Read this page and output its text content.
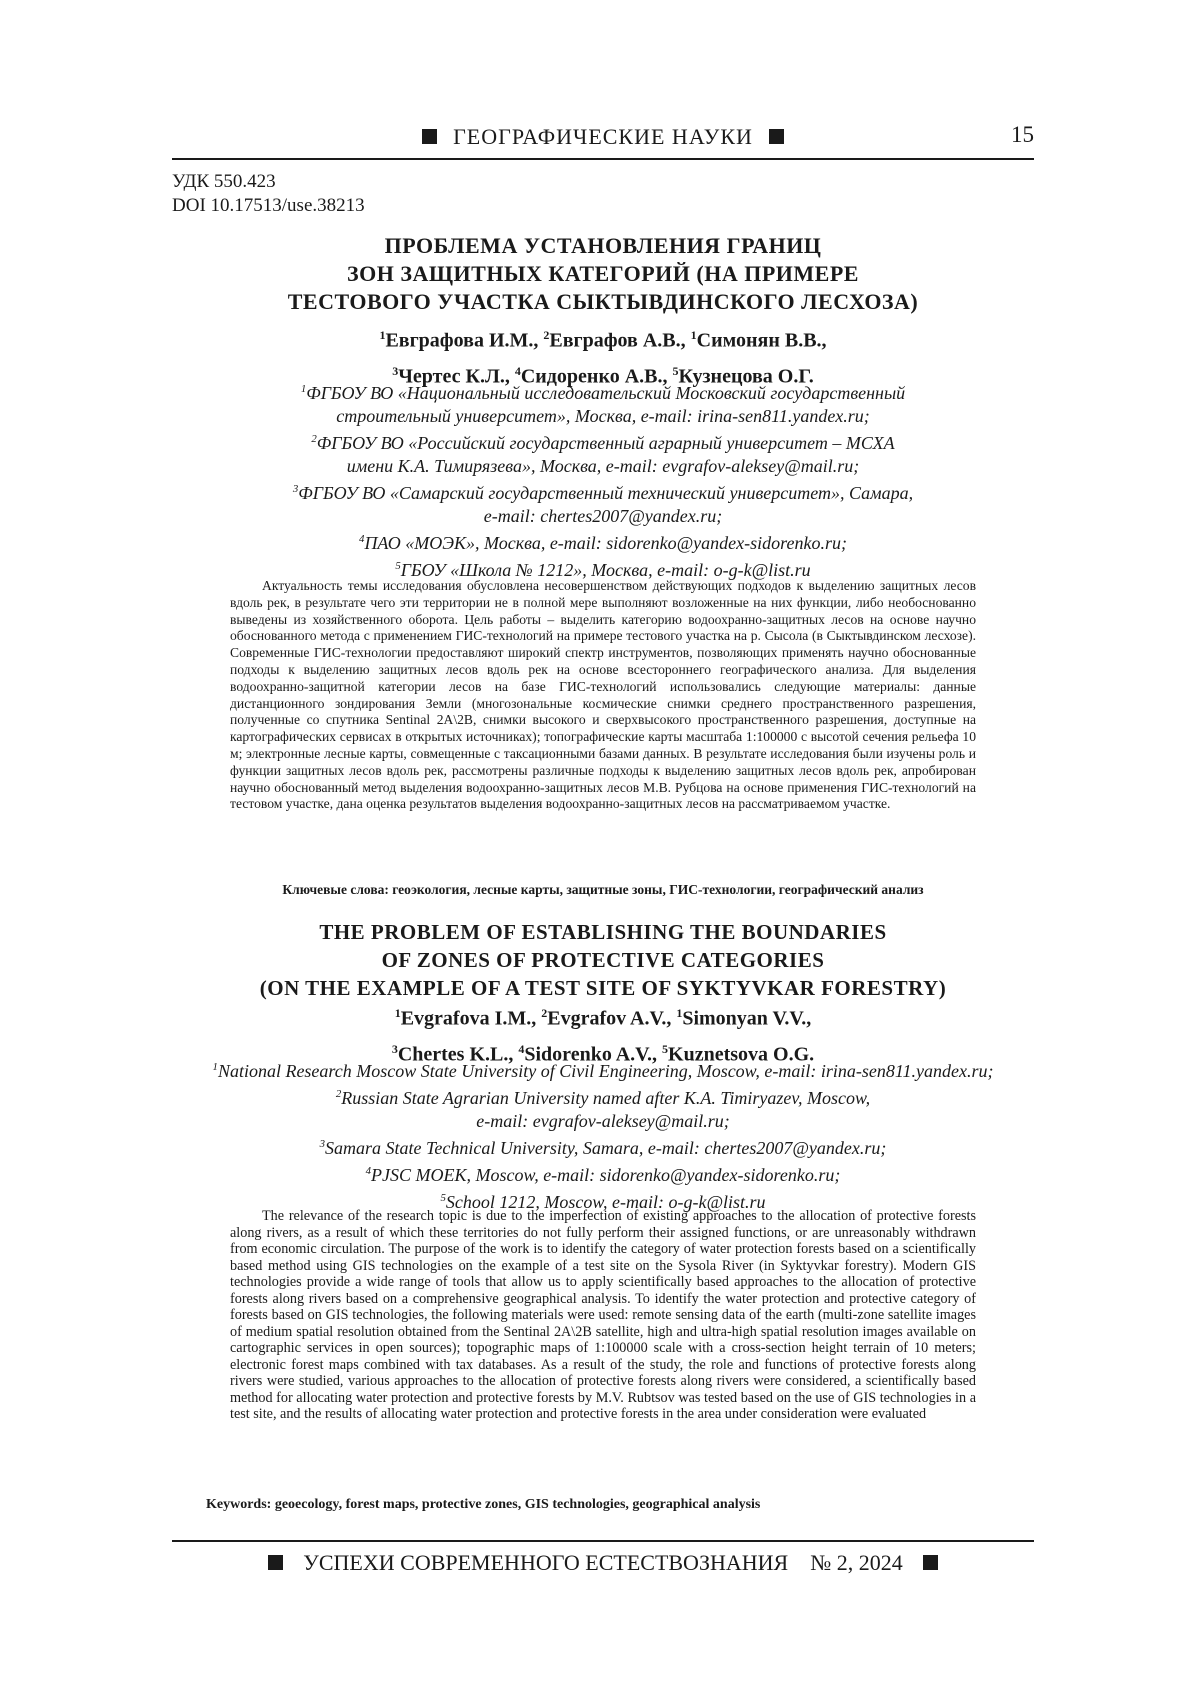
ГЕОГРАФИЧЕСКИЕ НАУКИ	15
УДК 550.423
DOI 10.17513/use.38213
ПРОБЛЕМА УСТАНОВЛЕНИЯ ГРАНИЦ
ЗОН ЗАЩИТНЫХ КАТЕГОРИЙ (НА ПРИМЕРЕ
ТЕСТОВОГО УЧАСТКА СЫКТЫВДИНСКОГО ЛЕСХОЗА)
$^1$Евграфова И.М., $^2$Евграфов А.В., $^1$Симонян В.В.,
$^3$Чертес К.Л., $^4$Сидоренко А.В., $^5$Кузнецова О.Г.
$^1$ФГБОУ ВО «Национальный исследовательский Московский государственный
строительный университет», Москва, e-mail: irina-sen811.yandex.ru;
$^2$ФГБОУ ВО «Российский государственный аграрный университет – МСХА
имени К.А. Тимирязева», Москва, e-mail: evgrafov-aleksey@mail.ru;
$^3$ФГБОУ ВО «Самарский государственный технический университет», Самара,
e-mail: chertes2007@yandex.ru;
$^4$ПАО «МОЭК», Москва, e-mail: sidorenko@yandex-sidorenko.ru;
$^5$ГБОУ «Школа № 1212», Москва, e-mail: o-g-k@list.ru
Актуальность темы исследования обусловлена несовершенством действующих подходов к выделению защитных лесов вдоль рек, в результате чего эти территории не в полной мере выполняют возложенные на них функции, либо необоснованно выведены из хозяйственного оборота. Цель работы – выделить категорию водоохранно-защитных лесов на основе научно обоснованного метода с применением ГИС-технологий на примере тестового участка на р. Сысола (в Сыктывдинском лесхозе). Современные ГИС-технологии предоставляют широкий спектр инструментов, позволяющих применять научно обоснованные подходы к выделению защитных лесов вдоль рек на основе всестороннего географического анализа. Для выделения водоохранно-защитной категории лесов на базе ГИС-технологий использовались следующие материалы: данные дистанционного зондирования Земли (многозональные космические снимки среднего пространственного разрешения, полученные со спутника Sentinal 2A\2B, снимки высокого и сверхвысокого пространственного разрешения, доступные на картографических сервисах в открытых источниках); топографические карты масштаба 1:100000 с высотой сечения рельефа 10 м; электронные лесные карты, совмещенные с таксационными базами данных. В результате исследования были изучены роль и функции защитных лесов вдоль рек, рассмотрены различные подходы к выделению защитных лесов вдоль рек, апробирован научно обоснованный метод выделения водоохранно-защитных лесов М.В. Рубцова на основе применения ГИС-технологий на тестовом участке, дана оценка результатов выделения водоохранно-защитных лесов на рассматриваемом участке.
Ключевые слова: геоэкология, лесные карты, защитные зоны, ГИС-технологии, географический анализ
THE PROBLEM OF ESTABLISHING THE BOUNDARIES
OF ZONES OF PROTECTIVE CATEGORIES
(ON THE EXAMPLE OF A TEST SITE OF SYKTYVKAR FORESTRY)
$^1$Evgrafova I.M., $^2$Evgrafov A.V., $^1$Simonyan V.V.,
$^3$Chertes K.L., $^4$Sidorenko A.V., $^5$Kuznetsova O.G.
$^1$National Research Moscow State University of Civil Engineering, Moscow, e-mail: irina-sen811.yandex.ru;
$^2$Russian State Agrarian University named after K.A. Timiryazev, Moscow,
e-mail: evgrafov-aleksey@mail.ru;
$^3$Samara State Technical University, Samara, e-mail: chertes2007@yandex.ru;
$^4$PJSC MOEK, Moscow, e-mail: sidorenko@yandex-sidorenko.ru;
$^5$School 1212, Moscow, e-mail: o-g-k@list.ru
The relevance of the research topic is due to the imperfection of existing approaches to the allocation of protective forests along rivers, as a result of which these territories do not fully perform their assigned functions, or are unreasonably withdrawn from economic circulation. The purpose of the work is to identify the category of water protection forests based on a scientifically based method using GIS technologies on the example of a test site on the Sysola River (in Syktyvkar forestry). Modern GIS technologies provide a wide range of tools that allow us to apply scientifically based approaches to the allocation of protective forests along rivers based on a comprehensive geographical analysis. To identify the water protection and protective category of forests based on GIS technologies, the following materials were used: remote sensing data of the earth (multi-zone satellite images of medium spatial resolution obtained from the Sentinal 2A\2B satellite, high and ultra-high spatial resolution images available on cartographic services in open sources); topographic maps of 1:100000 scale with a cross-section height terrain of 10 meters; electronic forest maps combined with tax databases. As a result of the study, the role and functions of protective forests along rivers were studied, various approaches to the allocation of protective forests along rivers were considered, a scientifically based method for allocating water protection and protective forests by M.V. Rubtsov was tested based on the use of GIS technologies in a test site, and the results of allocating water protection and protective forests in the area under consideration were evaluated
Keywords: geoecology, forest maps, protective zones, GIS technologies, geographical analysis
УСПЕХИ СОВРЕМЕННОГО ЕСТЕСТВОЗНАНИЯ № 2, 2024
